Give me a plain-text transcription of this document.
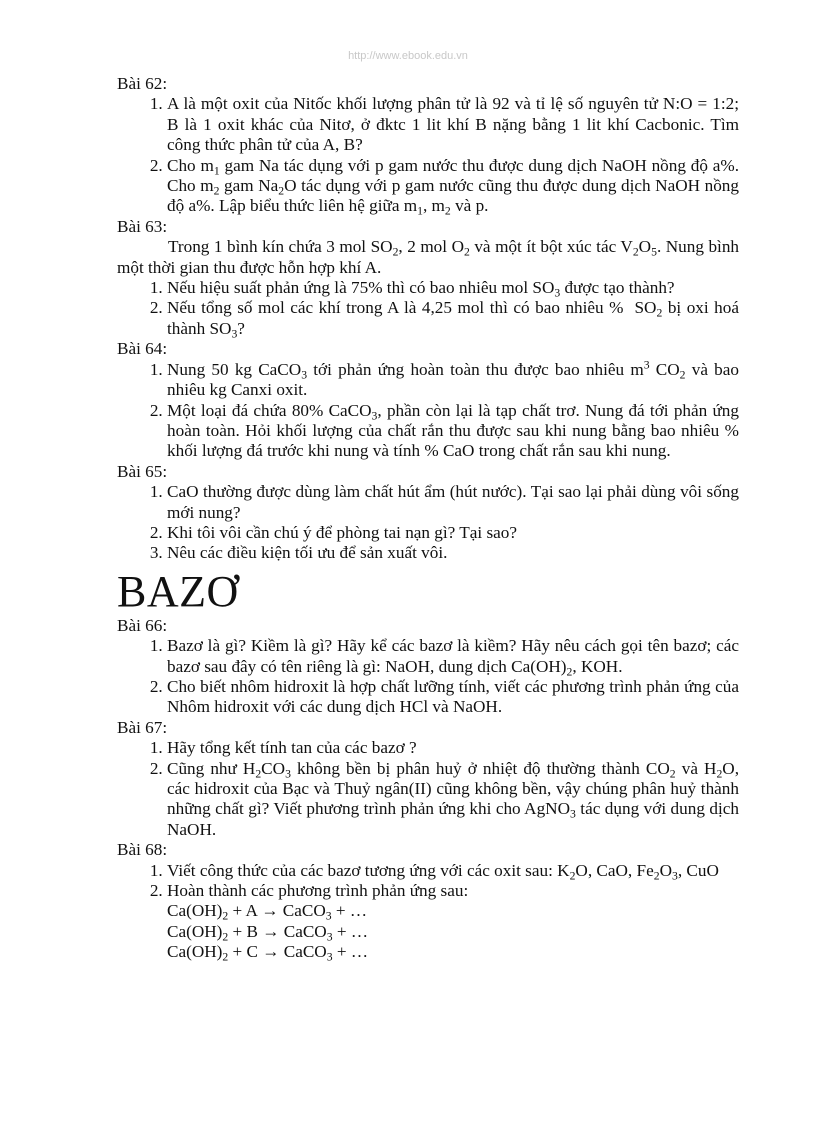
http://www.ebook.edu.vn

Bài 62:

1. A là một oxit của Nitốc khối lượng phân tử là 92 và tỉ lệ số nguyên tử N:O = 1:2; B là 1 oxit khác của Nitơ, ở đktc 1 lit khí B nặng bằng 1 lit khí Cacbonic. Tìm công thức phân tử của A, B?
2. Cho $m_1$ gam Na tác dụng với p gam nước thu được dung dịch NaOH nồng độ a%. Cho $m_2$ gam $Na_2O$ tác dụng với p gam nước cũng thu được dung dịch NaOH nồng độ a%. Lập biểu thức liên hệ giữa $m_1$, $m_2$ và p.

Bài 63:

Trong 1 bình kín chứa 3 mol $SO_2$, 2 mol $O_2$ và một ít bột xúc tác $V_2O_5$. Nung bình một thời gian thu được hỗn hợp khí A.

1. Nếu hiệu suất phản ứng là 75% thì có bao nhiêu mol $SO_3$ được tạo thành?
2. Nếu tổng số mol các khí trong A là 4,25 mol thì có bao nhiêu %  $SO_2$ bị oxi hoá thành $SO_3$?

Bài 64:

1. Nung 50 kg CaCO$_3$ tới phản ứng hoàn toàn thu được bao nhiêu $m^3$ $CO_2$ và bao nhiêu kg Canxi oxit.
2. Một loại đá chứa 80% CaCO$_3$, phần còn lại là tạp chất trơ. Nung đá tới phản ứng hoàn toàn. Hỏi khối lượng của chất rắn thu được sau khi nung bằng bao nhiêu % khối lượng đá trước khi nung và tính % CaO trong chất rắn sau khi nung.

Bài 65:

1. CaO thường được dùng làm chất hút ẩm (hút nước). Tại sao lại phải dùng vôi sống mới nung?
2. Khi tôi vôi cần chú ý để phòng tai nạn gì? Tại sao?
3. Nêu các điều kiện tối ưu để sản xuất vôi.
BAZƠ

Bài 66:

1. Bazơ là gì? Kiềm là gì? Hãy kể các bazơ là kiềm? Hãy nêu cách gọi tên bazơ; các bazơ sau đây có tên riêng là gì: NaOH, dung dịch $Ca(OH)_2$, KOH.
2. Cho biết nhôm hidroxit là hợp chất lưỡng tính, viết các phương trình phản ứng của Nhôm hidroxit với các dung dịch HCl và NaOH.

Bài 67:

1. Hãy tổng kết tính tan của các bazơ ?
2. Cũng như $H_2CO_3$ không bền bị phân huỷ ở nhiệt độ thường thành $CO_2$ và $H_2O$, các hidroxit của Bạc và Thuỷ ngân(II) cũng không bền, vậy chúng phân huỷ thành những chất gì? Viết phương trình phản ứng khi cho AgNO$_3$ tác dụng với dung dịch NaOH.

Bài 68:

1. Viết công thức của các bazơ tương ứng với các oxit sau: $K_2O$, CaO, $Fe_2O_3$, CuO
2. Hoàn thành các phương trình phản ứng sau:
$Ca(OH)_2 + A$ → CaCO$_3$ + …
$Ca(OH)_2 + B$ → CaCO$_3$ + …
$Ca(OH)_2 + C$ → CaCO$_3$ + …
